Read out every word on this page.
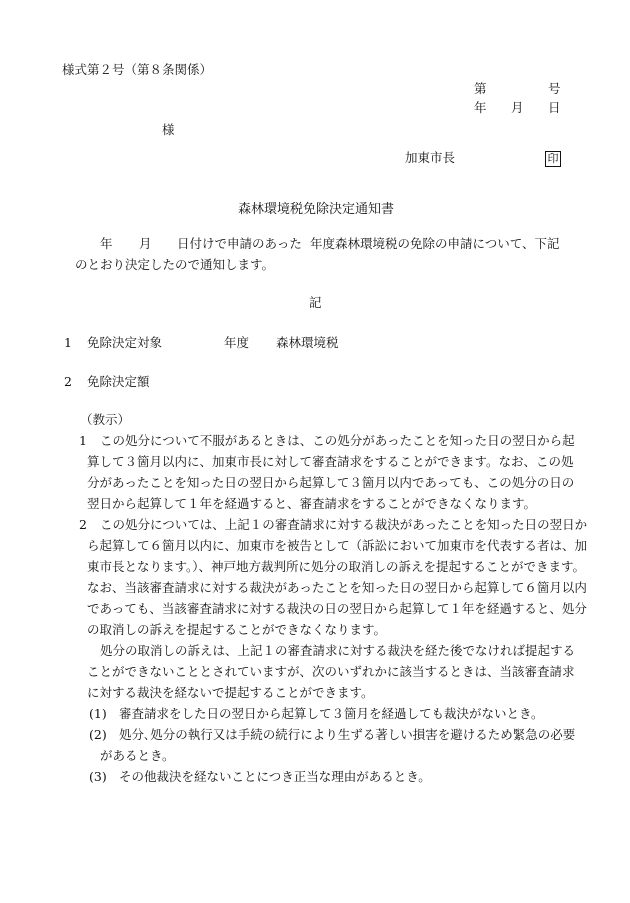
様式第２号（第８条関係）
第	号
年 月 日
様
加東市長	印
森林環境税免除決定通知書
年 月 日付けで申請のあった 年度森林環境税の免除の申請について、下記
のとおり決定したので通知します。
記
1 免除決定対象	年度 森林環境税
2 免除決定額
（教示）
1 この処分について不服があるときは、この処分があったことを知った日の翌日から起
算して３箇月以内に、加東市長に対して審査請求をすることができます。なお、この処
分があったことを知った日の翌日から起算して３箇月以内であっても、この処分の日の
翌日から起算して１年を経過すると、審査請求をすることができなくなります。
2 この処分については、上記１の審査請求に対する裁決があったことを知った日の翌日か
ら起算して６箇月以内に、加東市を被告として（訴訟において加東市を代表する者は、加
東市長となります。）、神戸地方裁判所に処分の取消しの訴えを提起することができます。
なお、当該審査請求に対する裁決があったことを知った日の翌日から起算して６箇月以内
であっても、当該審査請求に対する裁決の日の翌日から起算して１年を経過すると、処分
の取消しの訴えを提起することができなくなります。
処分の取消しの訴えは、上記１の審査請求に対する裁決を経た後でなければ提起する
ことができないこととされていますが、次のいずれかに該当するときは、当該審査請求
に対する裁決を経ないで提起することができます。
(1) 審査請求をした日の翌日から起算して３箇月を経過しても裁決がないとき。
(2) 処分､処分の執行又は手続の続行により生ずる著しい損害を避けるため緊急の必要
があるとき。
(3) その他裁決を経ないことにつき正当な理由があるとき。
